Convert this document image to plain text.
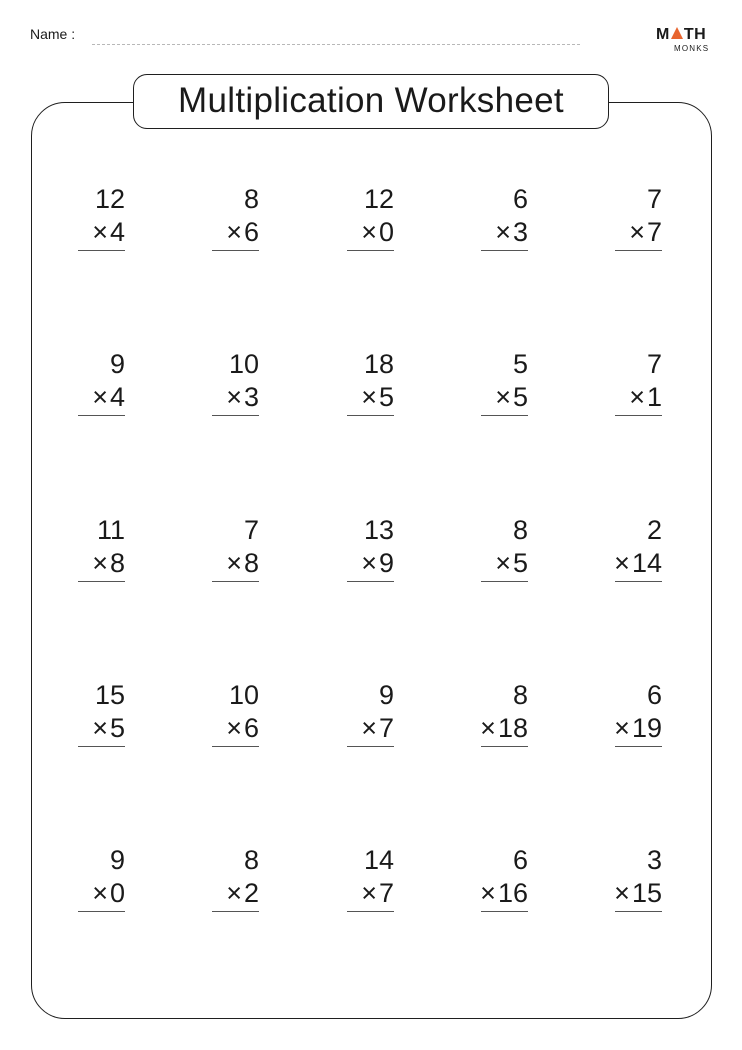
Name :	M TH
MONKS
Multiplication Worksheet
12
×4
8
×6
12
×0
6
×3
7
×7
9
×4
10
×3
18
×5
5
×5
7
×1
11
×8
7
×8
13
×9
8
×5
2
×14
15
×5
10
×6
9
×7
8
×18
6
×19
9
×0
8
×2
14
×7
6
×16
3
×15
